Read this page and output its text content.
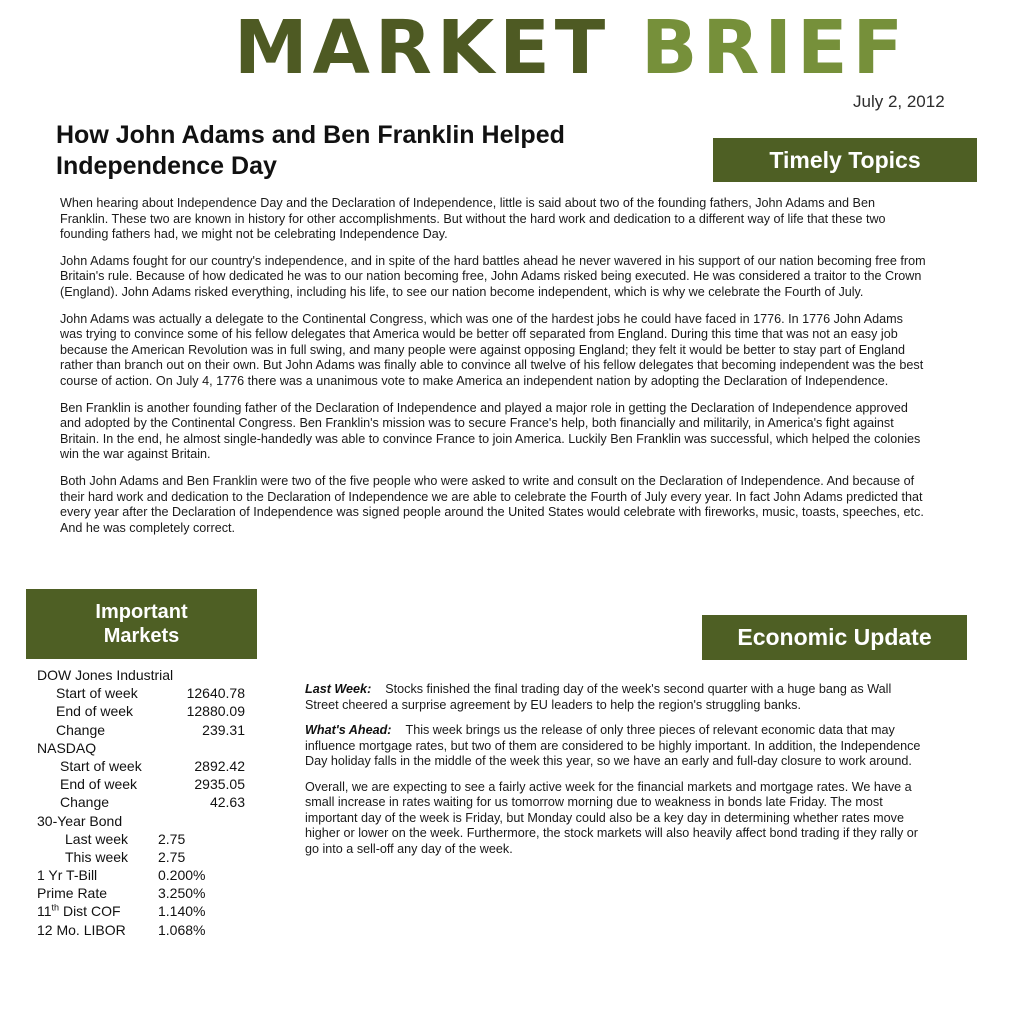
MARKET BRIEF
July 2, 2012
How John Adams and Ben Franklin Helped Independence Day	Timely Topics

When hearing about Independence Day and the Declaration of Independence, little is said about two of the founding fathers, John Adams and Ben Franklin. These two are known in history for other accomplishments. But without the hard work and dedication to a different way of life that these two founding fathers had, we might not be celebrating Independence Day.

John Adams fought for our country's independence, and in spite of the hard battles ahead he never wavered in his support of our nation becoming free from Britain's rule. Because of how dedicated he was to our nation becoming free, John Adams risked being executed. He was considered a traitor to the Crown (England). John Adams risked everything, including his life, to see our nation become independent, which is why we celebrate the Fourth of July.

John Adams was actually a delegate to the Continental Congress, which was one of the hardest jobs he could have faced in 1776. In 1776 John Adams was trying to convince some of his fellow delegates that America would be better off separated from England. During this time that was not an easy job because the American Revolution was in full swing, and many people were against opposing England; they felt it would be better to stay part of England rather than branch out on their own. But John Adams was finally able to convince all twelve of his fellow delegates that becoming independent was the best course of action. On July 4, 1776 there was a unanimous vote to make America an independent nation by adopting the Declaration of Independence.

Ben Franklin is another founding father of the Declaration of Independence and played a major role in getting the Declaration of Independence approved and adopted by the Continental Congress. Ben Franklin's mission was to secure France's help, both financially and militarily, in America's fight against Britain. In the end, he almost single-handedly was able to convince France to join America. Luckily Ben Franklin was successful, which helped the colonies win the war against Britain.

Both John Adams and Ben Franklin were two of the five people who were asked to write and consult on the Declaration of Independence. And because of their hard work and dedication to the Declaration of Independence we are able to celebrate the Fourth of July every year. In fact John Adams predicted that every year after the Declaration of Independence was signed people around the United States would celebrate with fireworks, music, toasts, speeches, etc. And he was completely correct.

Important
Markets	Economic Update
DOW Jones Industrial
Start of week	12640.78
End of week	12880.09
Change	239.31
NASDAQ
Start of week	2892.42
End of week	2935.05
Change	42.63
30-Year Bond
Last week 2.75
This week 2.75
1 Yr T-Bill	0.200%
Prime Rate	3.250%
11th Dist COF	1.140%
12 Mo. LIBOR 1.068%

Last Week: Stocks finished the final trading day of the week's second quarter with a huge bang as Wall Street cheered a surprise agreement by EU leaders to help the region's struggling banks.

What's Ahead: This week brings us the release of only three pieces of relevant economic data that may influence mortgage rates, but two of them are considered to be highly important. In addition, the Independence Day holiday falls in the middle of the week this year, so we have an early and full-day closure to work around.

Overall, we are expecting to see a fairly active week for the financial markets and mortgage rates. We have a small increase in rates waiting for us tomorrow morning due to weakness in bonds late Friday. The most important day of the week is Friday, but Monday could also be a key day in determining whether rates move higher or lower on the week. Furthermore, the stock markets will also heavily affect bond trading if they rally or go into a sell-off any day of the week.
